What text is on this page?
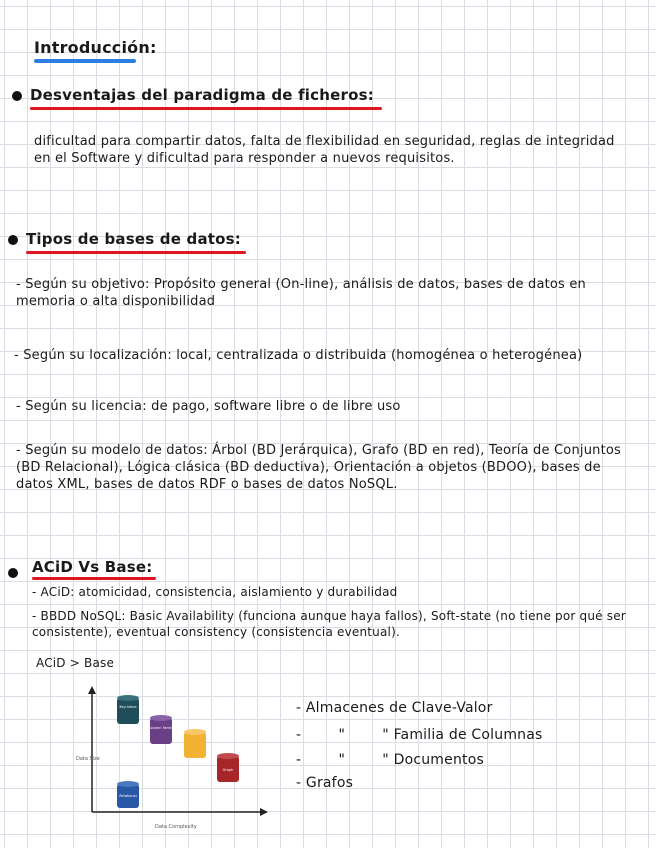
Introducción:
Desventajas del paradigma de ficheros:
dificultad para compartir datos, falta de flexibilidad en seguridad, reglas de integridad en el Software y dificultad para responder a nuevos requisitos.
Tipos de bases de datos:
- Según su objetivo: Propósito general (On-line), análisis de datos, bases de datos en memoria o alta disponibilidad
- Según su localización: local, centralizada o distribuida (homogénea o heterogénea)
- Según su licencia: de pago, software libre o de libre uso
- Según su modelo de datos: Árbol (BD Jerárquica), Grafo (BD en red), Teoría de Conjuntos (BD Relacional), Lógica clásica (BD deductiva), Orientación a objetos (BDOO), bases de datos XML, bases de datos RDF o bases de datos NoSQL.
ACiD Vs Base:
- ACiD: atomicidad, consistencia, aislamiento y durabilidad
- BBDD NoSQL: Basic Availability (funciona aunque haya fallos), Soft-state (no tiene por qué ser consistente), eventual consistency (consistencia eventual).
ACiD > Base
Data Size
Data Complexity
Key-Value
Column Family
Graph
Relational
- Almacenes de Clave-Valor
-        "        " Familia de Columnas
-        "        " Documentos
- Grafos
